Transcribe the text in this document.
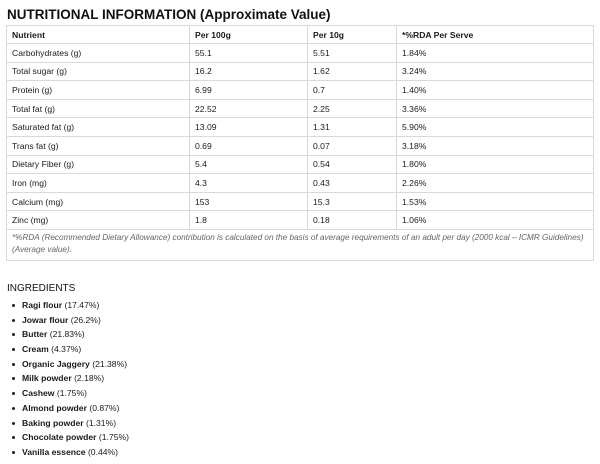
NUTRITIONAL INFORMATION (Approximate Value)
Nutrient	Per 100g	Per 10g	*%RDA Per Serve
Carbohydrates (g)	55.1	5.51	1.84%
Total sugar (g)	16.2	1.62	3.24%
Protein (g)	6.99	0.7	1.40%
Total fat (g)	22.52	2.25	3.36%
Saturated fat (g)	13.09	1.31	5.90%
Trans fat (g)	0.69	0.07	3.18%
Dietary Fiber (g)	5.4	0.54	1.80%
Iron (mg)	4.3	0.43	2.26%
Calcium (mg)	153	15.3	1.53%
Zinc (mg)	1.8	0.18	1.06%
*%RDA (Recommended Dietary Allowance) contribution is calculated on the basis of average requirements of an adult per day (2000 kcal – ICMR Guidelines) (Average value).			
INGREDIENTS
Ragi flour (17.47%)
Jowar flour (26.2%)
Butter (21.83%)
Cream (4.37%)
Organic Jaggery (21.38%)
Milk powder (2.18%)
Cashew (1.75%)
Almond powder (0.87%)
Baking powder (1.31%)
Chocolate powder (1.75%)
Vanilla essence (0.44%)
